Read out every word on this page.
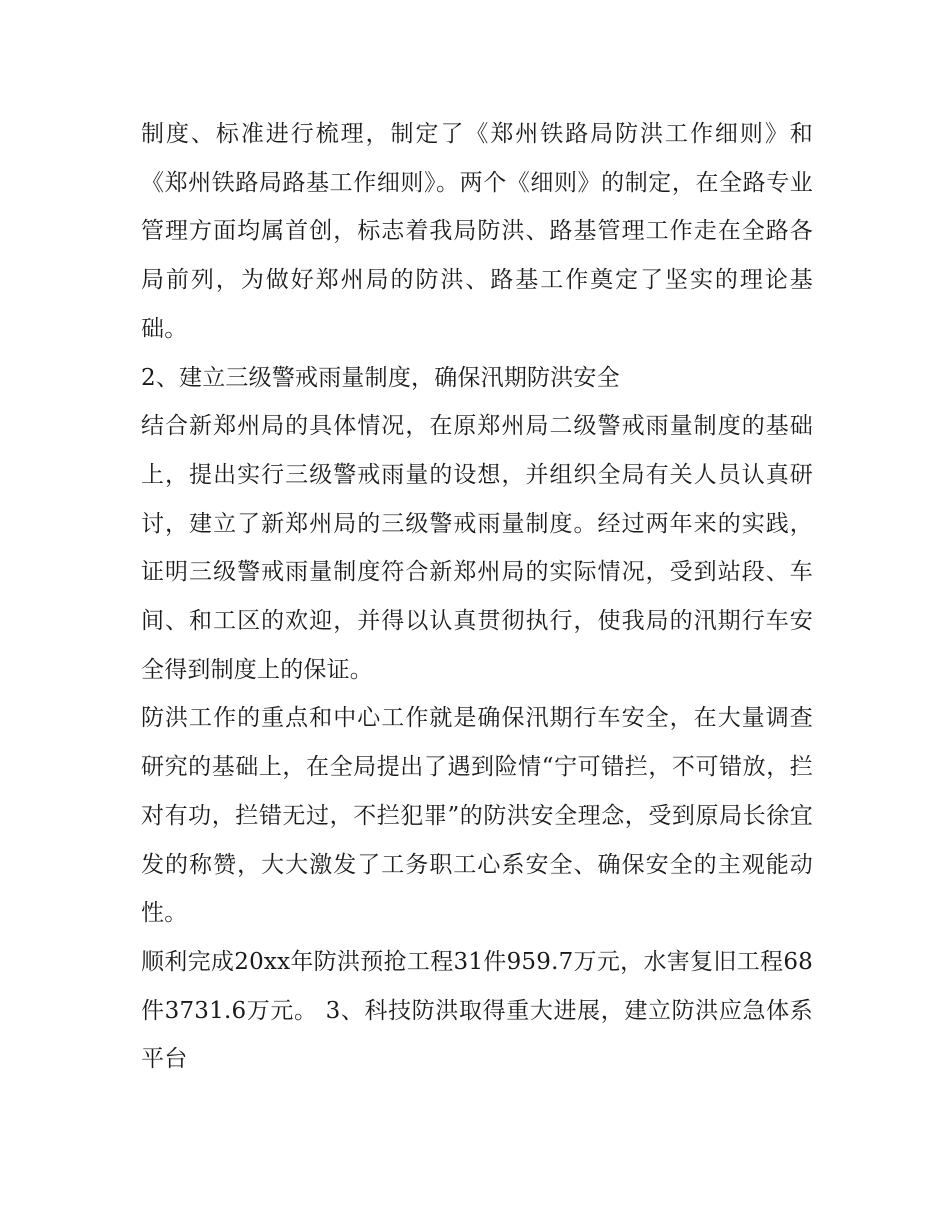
制度、标准进行梳理，制定了《郑州铁路局防洪工作细则》和《郑州铁路局路基工作细则》。两个《细则》的制定，在全路专业管理方面均属首创，标志着我局防洪、路基管理工作走在全路各局前列，为做好郑州局的防洪、路基工作奠定了坚实的理论基础。

2、建立三级警戒雨量制度，确保汛期防洪安全

结合新郑州局的具体情况，在原郑州局二级警戒雨量制度的基础上，提出实行三级警戒雨量的设想，并组织全局有关人员认真研讨，建立了新郑州局的三级警戒雨量制度。经过两年来的实践，证明三级警戒雨量制度符合新郑州局的实际情况，受到站段、车间、和工区的欢迎，并得以认真贯彻执行，使我局的汛期行车安全得到制度上的保证。

防洪工作的重点和中心工作就是确保汛期行车安全，在大量调查研究的基础上，在全局提出了遇到险情“宁可错拦，不可错放，拦对有功，拦错无过，不拦犯罪”的防洪安全理念，受到原局长徐宜发的称赞，大大激发了工务职工心系安全、确保安全的主观能动性。

顺利完成20xx年防洪预抢工程31件959.7万元，水害复旧工程68件3731.6万元。 3、科技防洪取得重大进展，建立防洪应急体系平台
